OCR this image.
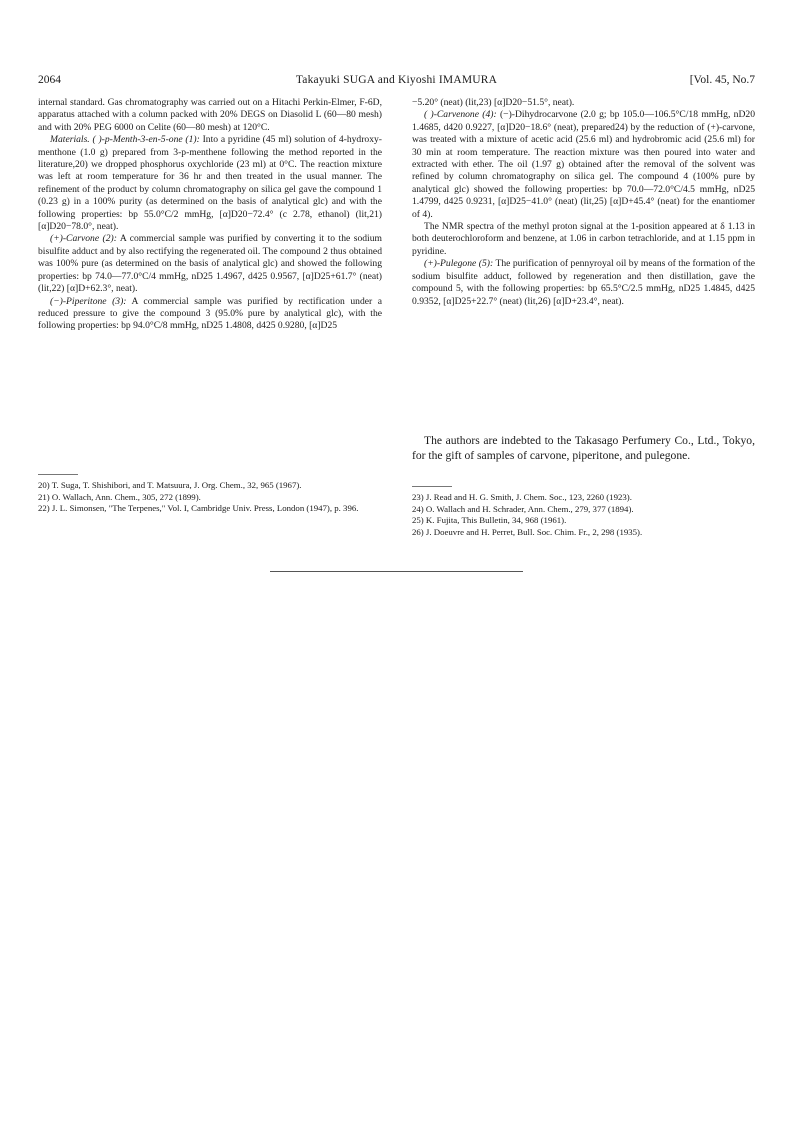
2064	Takayuki SUGA and Kiyoshi IMAMURA	[Vol. 45, No.7

internal standard. Gas chromatography was carried out on a Hitachi Perkin-Elmer, F-6D, apparatus attached with a column packed with 20% DEGS on Diasolid L (60—80 mesh) and with 20% PEG 6000 on Celite (60—80 mesh) at 120°C.

Materials. ( )-p-Menth-3-en-5-one (1): Into a pyridine (45 ml) solution of 4-hydroxy-menthone (1.0 g) prepared from 3-p-menthene following the method reported in the literature,20) we dropped phosphorus oxychloride (23 ml) at 0°C. The reaction mixture was left at room temperature for 36 hr and then treated in the usual manner. The refinement of the product by column chromatography on silica gel gave the compound 1 (0.23 g) in a 100% purity (as determined on the basis of analytical glc) and with the following properties: bp 55.0°C/2 mmHg, [α]D20−72.4° (c 2.78, ethanol) (lit,21) [α]D20−78.0°, neat).

(+)-Carvone (2): A commercial sample was purified by converting it to the sodium bisulfite adduct and by also rectifying the regenerated oil. The compound 2 thus obtained was 100% pure (as determined on the basis of analytical glc) and showed the following properties: bp 74.0—77.0°C/4 mmHg, nD25 1.4967, d425 0.9567, [α]D25+61.7° (neat) (lit,22) [α]D+62.3°, neat).

(−)-Piperitone (3): A commercial sample was purified by rectification under a reduced pressure to give the compound 3 (95.0% pure by analytical glc), with the following properties: bp 94.0°C/8 mmHg, nD25 1.4808, d425 0.9280, [α]D25

−5.20° (neat) (lit,23) [α]D20−51.5°, neat).

( )-Carvenone (4): (−)-Dihydrocarvone (2.0 g; bp 105.0—106.5°C/18 mmHg, nD20 1.4685, d420 0.9227, [α]D20−18.6° (neat), prepared24) by the reduction of (+)-carvone, was treated with a mixture of acetic acid (25.6 ml) and hydrobromic acid (25.6 ml) for 30 min at room temperature. The reaction mixture was then poured into water and extracted with ether. The oil (1.97 g) obtained after the removal of the solvent was refined by column chromatography on silica gel. The compound 4 (100% pure by analytical glc) showed the following properties: bp 70.0—72.0°C/4.5 mmHg, nD25 1.4799, d425 0.9231, [α]D25−41.0° (neat) (lit,25) [α]D+45.4° (neat) for the enantiomer of 4).

The NMR spectra of the methyl proton signal at the 1-position appeared at δ 1.13 in both deuterochloroform and benzene, at 1.06 in carbon tetrachloride, and at 1.15 ppm in pyridine.

(+)-Pulegone (5): The purification of pennyroyal oil by means of the formation of the sodium bisulfite adduct, followed by regeneration and then distillation, gave the compound 5, with the following properties: bp 65.5°C/2.5 mmHg, nD25 1.4845, d425 0.9352, [α]D25+22.7° (neat) (lit,26) [α]D+23.4°, neat).

The authors are indebted to the Takasago Perfumery Co., Ltd., Tokyo, for the gift of samples of carvone, piperitone, and pulegone.

20) T. Suga, T. Shishibori, and T. Matsuura, J. Org. Chem., 32, 965 (1967).
21) O. Wallach, Ann. Chem., 305, 272 (1899).
22) J. L. Simonsen, "The Terpenes," Vol. I, Cambridge Univ. Press, London (1947), p. 396.
23) J. Read and H. G. Smith, J. Chem. Soc., 123, 2260 (1923).
24) O. Wallach and H. Schrader, Ann. Chem., 279, 377 (1894).
25) K. Fujita, This Bulletin, 34, 968 (1961).
26) J. Doeuvre and H. Perret, Bull. Soc. Chim. Fr., 2, 298 (1935).
